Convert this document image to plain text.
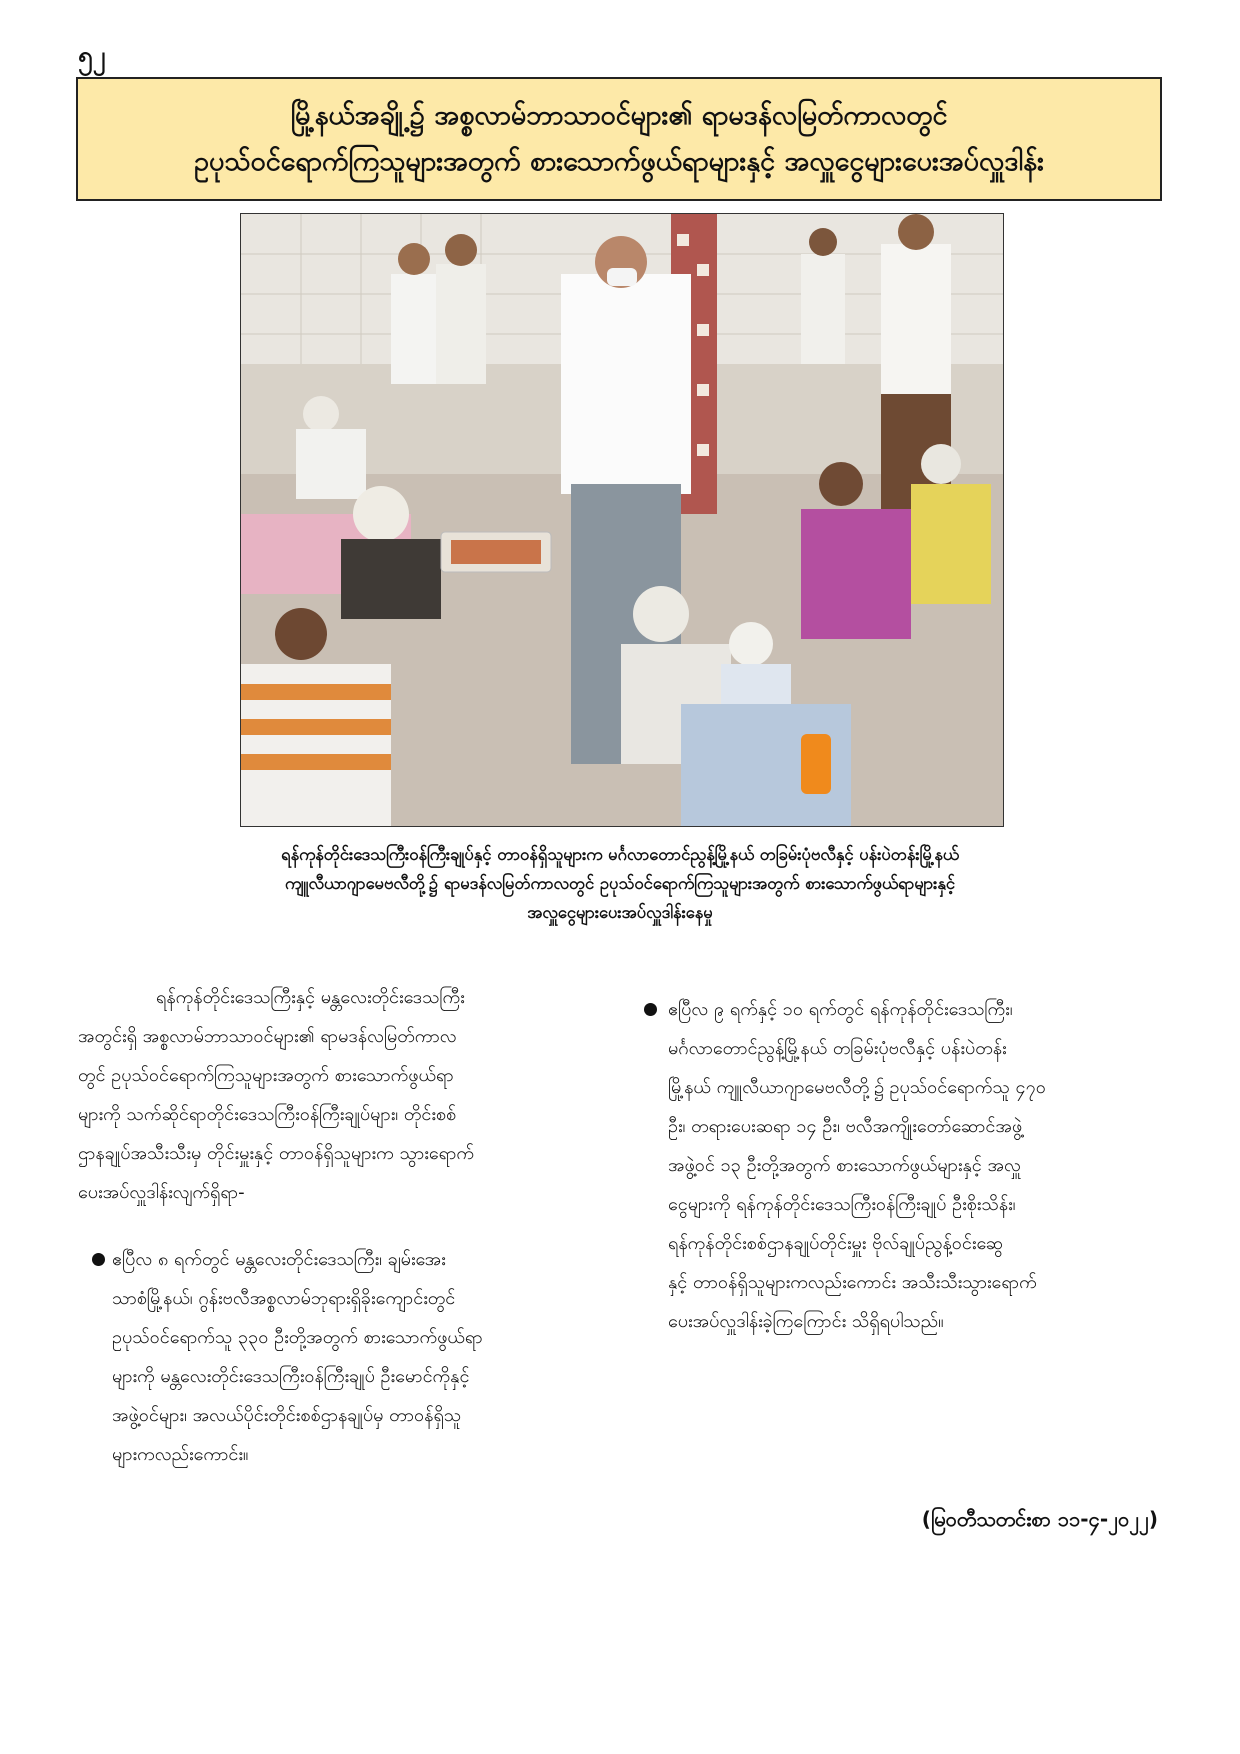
၅၂
မြို့နယ်အချို့၌ အစ္စလာမ်ဘာသာဝင်များ၏ ရာမဒန်လမြတ်ကာလတွင်
ဥပုသ်ဝင်ရောက်ကြသူများအတွက် စားသောက်ဖွယ်ရာများနှင့် အလှူငွေများပေးအပ်လှူဒါန်း
ရန်ကုန်တိုင်းဒေသကြီးဝန်ကြီးချုပ်နှင့် တာဝန်ရှိသူများက မင်္ဂလာတောင်ညွန့်မြို့နယ် တခြမ်းပုံဗလီနှင့် ပန်းပဲတန်းမြို့နယ်
ကျူလီယာဂျာမေဗလီတို့၌ ရာမဒန်လမြတ်ကာလတွင် ဥပုသ်ဝင်ရောက်ကြသူများအတွက် စားသောက်ဖွယ်ရာများနှင့်
အလှူငွေများပေးအပ်လှူဒါန်းနေမှု
ရန်ကုန်တိုင်းဒေသကြီးနှင့် မန္တလေးတိုင်းဒေသကြီး
အတွင်းရှိ အစ္စလာမ်ဘာသာဝင်များ၏ ရာမဒန်လမြတ်ကာလ
တွင် ဥပုသ်ဝင်ရောက်ကြသူများအတွက် စားသောက်ဖွယ်ရာ
များကို သက်ဆိုင်ရာတိုင်းဒေသကြီးဝန်ကြီးချုပ်များ၊ တိုင်းစစ်
ဌာနချုပ်အသီးသီးမှ တိုင်းမှူးနှင့် တာဝန်ရှိသူများက သွားရောက်
ပေးအပ်လှူဒါန်းလျက်ရှိရာ-
ဧပြီလ ၈ ရက်တွင် မန္တလေးတိုင်းဒေသကြီး၊ ချမ်းအေး
သာစံမြို့နယ်၊ ဂွန်းဗလီအစ္စလာမ်ဘုရားရှိခိုးကျောင်းတွင်
ဥပုသ်ဝင်ရောက်သူ ၃၃၀ ဦးတို့အတွက် စားသောက်ဖွယ်ရာ
များကို မန္တလေးတိုင်းဒေသကြီးဝန်ကြီးချုပ် ဦးမောင်ကိုနှင့်
အဖွဲ့ဝင်များ၊ အလယ်ပိုင်းတိုင်းစစ်ဌာနချုပ်မှ တာဝန်ရှိသူ
များကလည်းကောင်း။
ဧပြီလ ၉ ရက်နှင့် ၁၀ ရက်တွင် ရန်ကုန်တိုင်းဒေသကြီး၊
မင်္ဂလာတောင်ညွန့်မြို့နယ် တခြမ်းပုံဗလီနှင့် ပန်းပဲတန်း
မြို့နယ် ကျူလီယာဂျာမေဗလီတို့၌ ဥပုသ်ဝင်ရောက်သူ ၄၇၀
ဦး၊ တရားပေးဆရာ ၁၄ ဦး၊ ဗလီအကျိုးတော်ဆောင်အဖွဲ့
အဖွဲ့ဝင် ၁၃ ဦးတို့အတွက် စားသောက်ဖွယ်များနှင့် အလှူ
ငွေများကို ရန်ကုန်တိုင်းဒေသကြီးဝန်ကြီးချုပ် ဦးစိုးသိန်း၊
ရန်ကုန်တိုင်းစစ်ဌာနချုပ်တိုင်းမှူး ဗိုလ်ချုပ်ညွန့်ဝင်းဆွေ
နှင့် တာဝန်ရှိသူများကလည်းကောင်း အသီးသီးသွားရောက်
ပေးအပ်လှူဒါန်းခဲ့ကြကြောင်း သိရှိရပါသည်။
(မြဝတီသတင်းစာ ၁၁-၄-၂၀၂၂)
